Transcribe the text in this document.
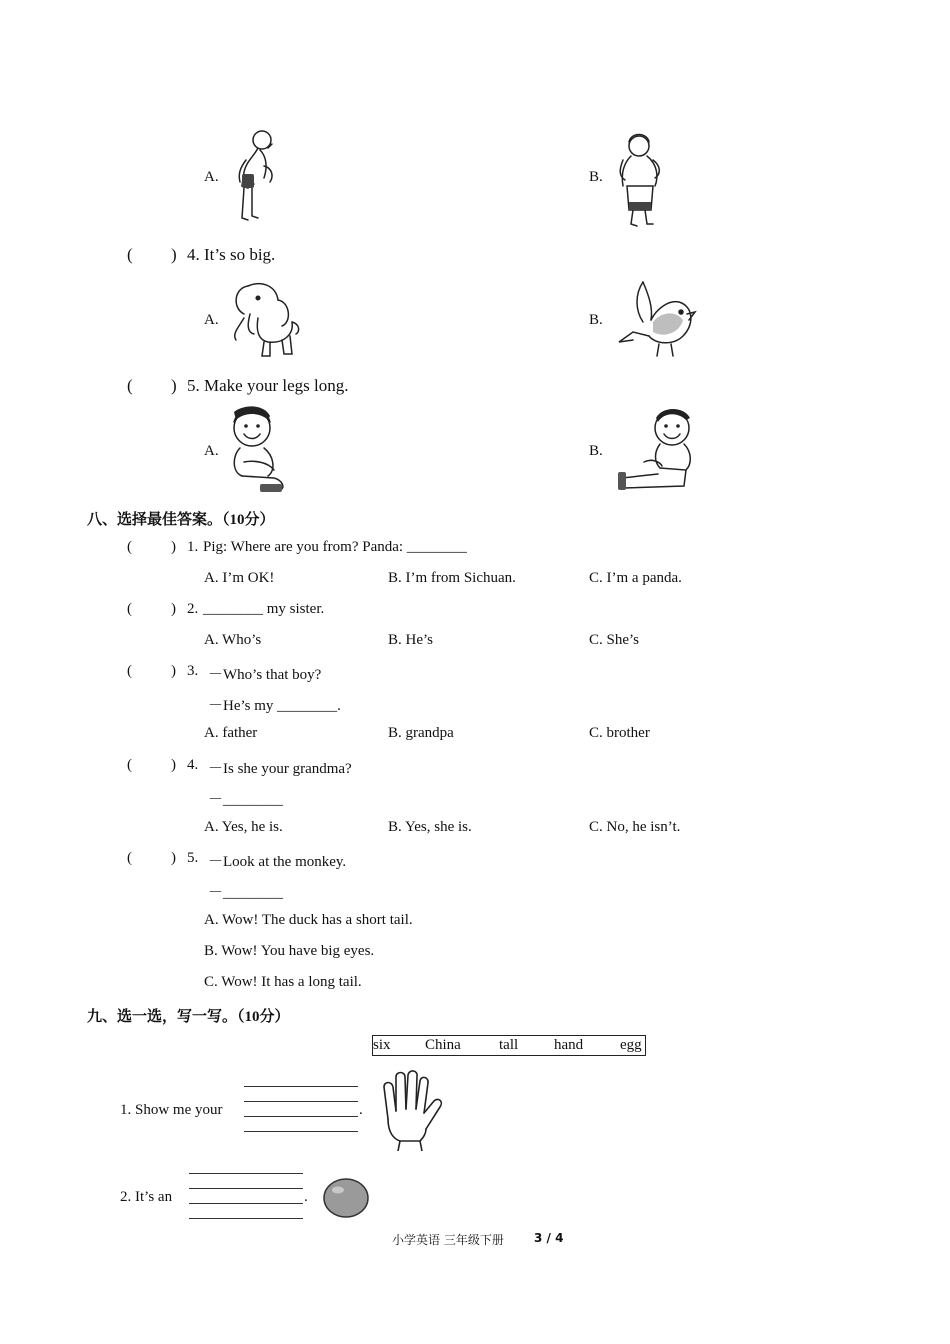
A.	B.
( ) 4. It’s so big.
A.	B.
( ) 5. Make your legs long.
A.	B.
八、选择最佳答案。（10分）
(	) 1. Pig: Where are you from? Panda: ________
A. I’m OK!	B. I’m from Sichuan.	C. I’m a panda.
(	) 2. ________ my sister.
A. Who’s	B. He’s	C. She’s
(	) 3. －Who’s that boy?
－He’s my ________.
A. father	B. grandpa	C. brother
(	) 4. －Is she your grandma?
－________
A. Yes, he is.	B. Yes, she is.	C. No, he isn’t.
(	) 5. －Look at the monkey.
－________
A. Wow! The duck has a short tail.
B. Wow! You have big eyes.
C. Wow! It has a long tail.
九、选一选，写一写。（10分）
six China	tall hand egg
1. Show me your	.
2. It’s an	.
小学英语 三年级下册	3 / 4
